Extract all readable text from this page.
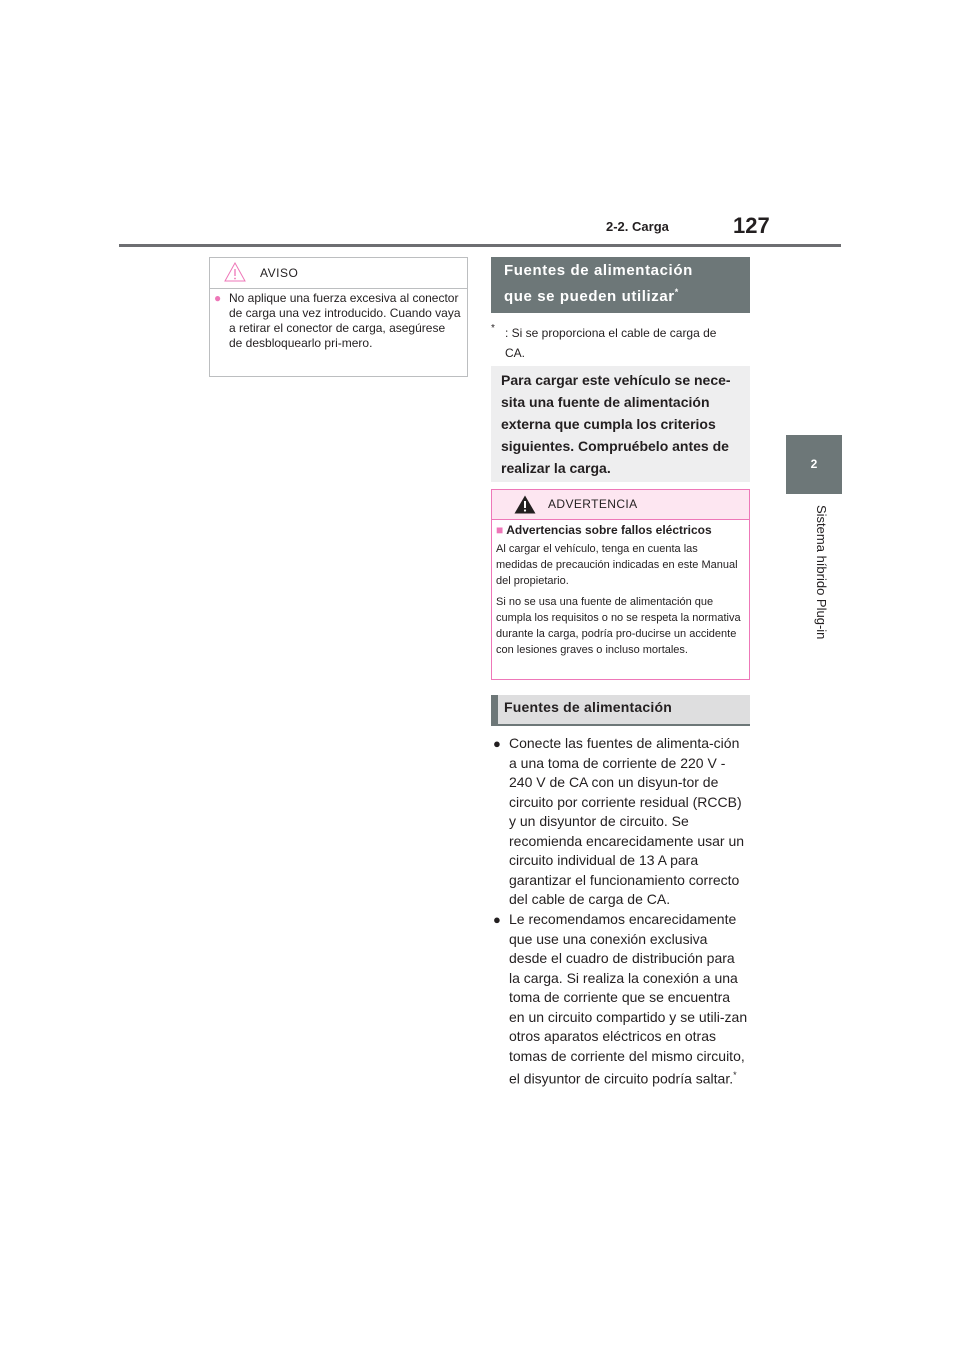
2-2. Carga	127
2
Sistema híbrido Plug-in
AVISO
● No aplique una fuerza excesiva al conector de carga una vez introducido. Cuando vaya a retirar el conector de carga, asegúrese de desbloquearlo pri-mero.
Fuentes de alimentación
que se pueden utilizar*
* : Si se proporciona el cable de carga de
CA.
Para cargar este vehículo se nece-sita una fuente de alimentación externa que cumpla los criterios siguientes. Compruébelo antes de realizar la carga.
ADVERTENCIA
■ Advertencias sobre fallos eléctricos
Al cargar el vehículo, tenga en cuenta las medidas de precaución indicadas en este Manual del propietario.
Si no se usa una fuente de alimentación que cumpla los requisitos o no se respeta la normativa durante la carga, podría pro-ducirse un accidente con lesiones graves o incluso mortales.
Fuentes de alimentación
● Conecte las fuentes de alimenta-ción a una toma de corriente de 220 V - 240 V de CA con un disyun-tor de circuito por corriente residual (RCCB) y un disyuntor de circuito. Se recomienda encarecidamente usar un circuito individual de 13 A para garantizar el funcionamiento correcto del cable de carga de CA.
● Le recomendamos encarecidamente que use una conexión exclusiva desde el cuadro de distribución para la carga. Si realiza la conexión a una toma de corriente que se encuentra en un circuito compartido y se utili-zan otros aparatos eléctricos en otras tomas de corriente del mismo circuito, el disyuntor de circuito podría saltar.*
